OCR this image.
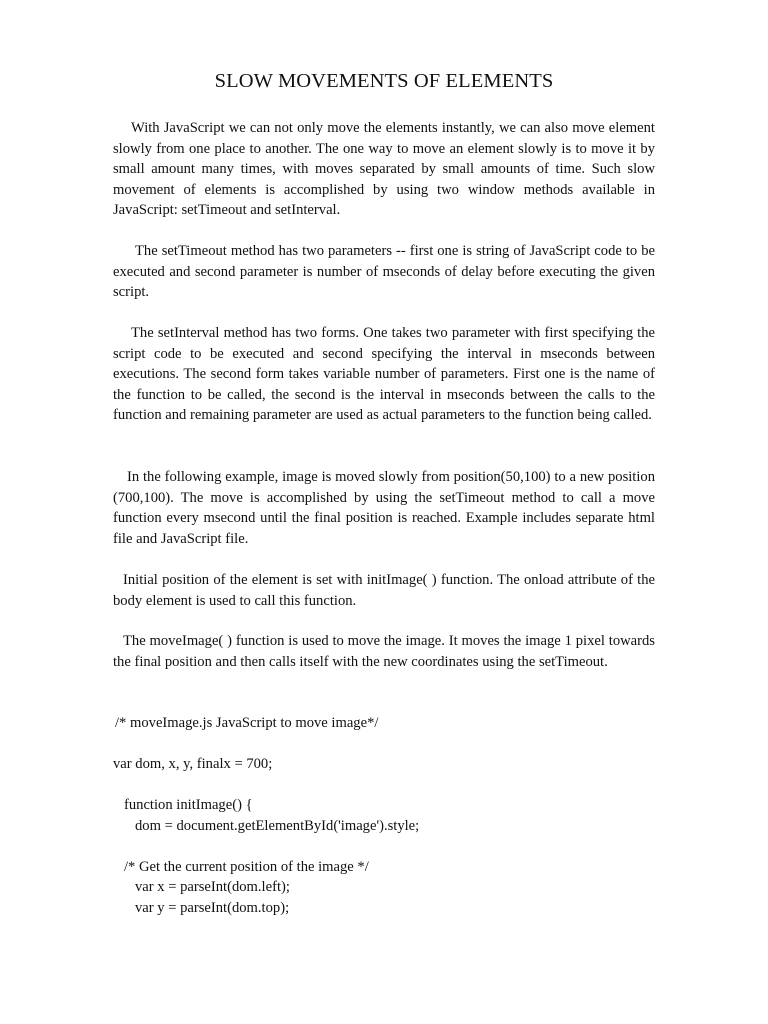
SLOW MOVEMENTS OF ELEMENTS

With JavaScript we can not only move the elements instantly, we can also move element slowly from one place to another. The one way to move an element slowly is to move it by small amount many times, with moves separated by small amounts of time. Such slow movement of elements is accomplished by using two window methods available in JavaScript: setTimeout and setInterval.

The setTimeout method has two parameters -- first one is string of JavaScript code to be executed and second parameter is number of mseconds of delay before executing the given script.

The setInterval method has two forms. One takes two parameter with first specifying the script code to be executed and second specifying the interval in mseconds between executions. The second form takes variable number of parameters. First one is the name of the function to be called, the second is the interval in mseconds between the calls to the function and remaining parameter are used as actual parameters to the function being called.

In the following example, image is moved slowly from position(50,100) to a new position (700,100). The move is accomplished by using the setTimeout method to call a move function every msecond until the final position is reached. Example includes separate html file and JavaScript file.

Initial position of the element is set with initImage( ) function. The onload attribute of the body element is used to call this function.

The moveImage( ) function is used to move the image. It moves the image 1 pixel towards the final position and then calls itself with the new coordinates using the setTimeout.

/* moveImage.js JavaScript to move image*/
var dom, x, y, finalx = 700;
function initImage() {
dom = document.getElementById('image').style;
/* Get the current position of the image */
var x = parseInt(dom.left);
var y = parseInt(dom.top);
